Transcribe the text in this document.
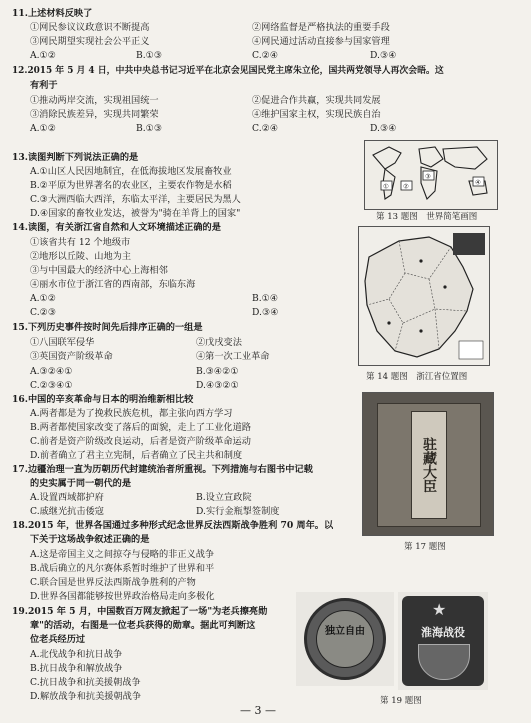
11.上述材料反映了
①网民参议议政意识不断提高	②网络监督是严格执法的重要手段
③网民期望实现社会公平正义	④网民通过活动直接参与国家管理
A.①②	B.①③	C.②④	D.③④
12.2015 年 5 月 4 日，中共中央总书记习近平在北京会见国民党主席朱立伦，国共两党领导人再次会晤。这
有利于
①推动两岸交流，实现祖国统一	②促进合作共赢，实现共同发展
③消除民族差异，实现共同繁荣	④维护国家主权，实现民族自治
A.①②	B.①③	C.②④	D.③④
13.读图判断下列说法正确的是
A.①山区人民因地制宜，在低海拔地区发展畜牧业
B.②平原为世界著名的农业区，主要农作物是水稻
C.③大洲西临大西洋，东临太平洋，主要居民为黑人
D.④国家的畜牧业发达，被誉为"骑在羊背上的国家"
① ②
③
④
第 13 题图　世界简笔画图
14.读图，有关浙江省自然和人文环境描述正确的是
①该省共有 12 个地级市
②地形以丘陵、山地为主
③与中国最大的经济中心上海相邻
④丽水市位于浙江省的西南部，东临东海
A.①②	B.①④
C.②③	D.③④
第 14 题图　浙江省位置图
15.下列历史事件按时间先后排序正确的一组是
①八国联军侵华	②戊戌变法
③英国资产阶级革命	④第一次工业革命
A.③②④①	B.③④②①
C.②③④①	D.④③②①
16.中国的辛亥革命与日本的明治维新相比较
A.两者都是为了挽救民族危机，都主张向西方学习
B.两者都使国家改变了落后的面貌，走上了工业化道路
C.前者是资产阶级改良运动，后者是资产阶级革命运动
D.前者确立了君主立宪制，后者确立了民主共和制度	驻藏大臣
第 17 题图
17.边疆治理一直为历朝历代封建统治者所重视。下列措施与右图书中记载
的史实属于同一朝代的是
A.设置西域都护府	B.设立宣政院
C.戚继光抗击倭寇	D.实行金瓶掣签制度
18.2015 年，世界各国通过多种形式纪念世界反法西斯战争胜利 70 周年。以
下关于这场战争叙述正确的是
A.这是帝国主义之间掠夺与侵略的非正义战争
B.战后确立的凡尔赛体系暂时维护了世界和平
C.联合国是世界反法西斯战争胜利的产物
D.世界各国都能够按世界政治格局走向多极化
19.2015 年 5 月，中国数百万网友掀起了一场"为老兵擦亮勋
章"的活动，右图是一位老兵获得的勋章。据此可判断这
位老兵经历过
A.北伐战争和抗日战争
B.抗日战争和解放战争
C.抗日战争和抗美援朝战争
D.解放战争和抗美援朝战争
独立自由
★
淮海战役
第 19 题图
— 3 —
